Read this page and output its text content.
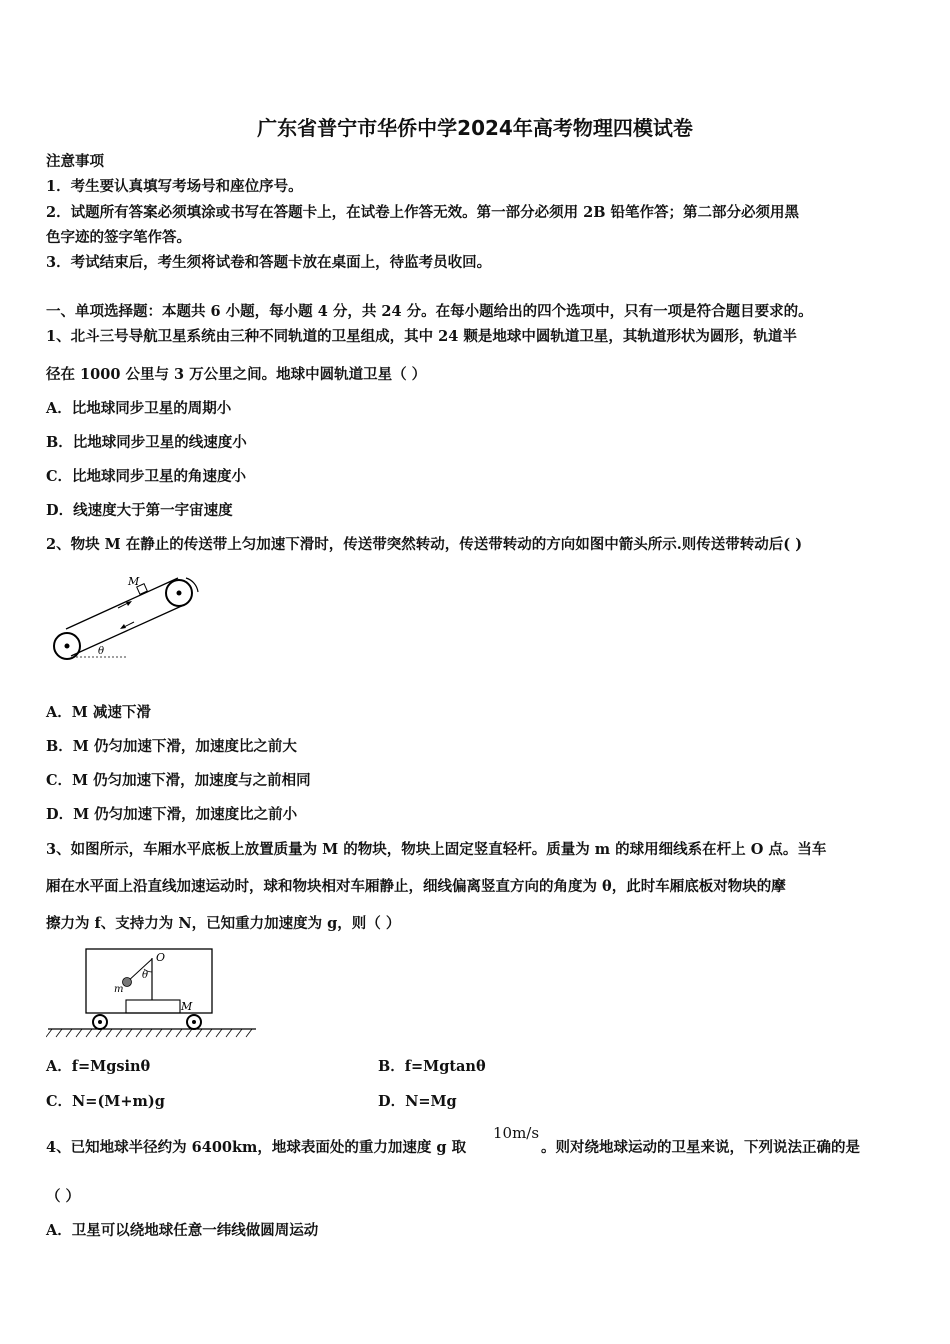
广东省普宁市华侨中学2024年高考物理四模试卷
注意事项
1．考生要认真填写考场号和座位序号。
2．试题所有答案必须填涂或书写在答题卡上，在试卷上作答无效。第一部分必须用 2B 铅笔作答；第二部分必须用黑
色字迹的签字笔作答。
3．考试结束后，考生须将试卷和答题卡放在桌面上，待监考员收回。
一、单项选择题：本题共 6 小题，每小题 4 分，共 24 分。在每小题给出的四个选项中，只有一项是符合题目要求的。
1、北斗三号导航卫星系统由三种不同轨道的卫星组成，其中 24 颗是地球中圆轨道卫星，其轨道形状为圆形，轨道半
径在 1000 公里与 3 万公里之间。地球中圆轨道卫星（ ）
A．比地球同步卫星的周期小
B．比地球同步卫星的线速度小
C．比地球同步卫星的角速度小
D．线速度大于第一宇宙速度
2、物块 M 在静止的传送带上匀加速下滑时，传送带突然转动，传送带转动的方向如图中箭头所示.则传送带转动后( )
M
θ
A．M 减速下滑
B．M 仍匀加速下滑，加速度比之前大
C．M 仍匀加速下滑，加速度与之前相同
D．M 仍匀加速下滑，加速度比之前小
3、如图所示，车厢水平底板上放置质量为 M 的物块，物块上固定竖直轻杆。质量为 m 的球用细线系在杆上 O 点。当车
厢在水平面上沿直线加速运动时，球和物块相对车厢静止，细线偏离竖直方向的角度为 θ，此时车厢底板对物块的摩
擦力为 f、支持力为 N，已知重力加速度为 g，则（ ）
O
θ
m
M
A．f=Mgsinθ	B．f=Mgtanθ
C．N=(M+m)g	D．N=Mg
4、已知地球半径约为 6400km，地球表面处的重力加速度 g 取
10m/s
。则对绕地球运动的卫星来说，下列说法正确的是
（ ）
A．卫星可以绕地球任意一纬线做圆周运动
